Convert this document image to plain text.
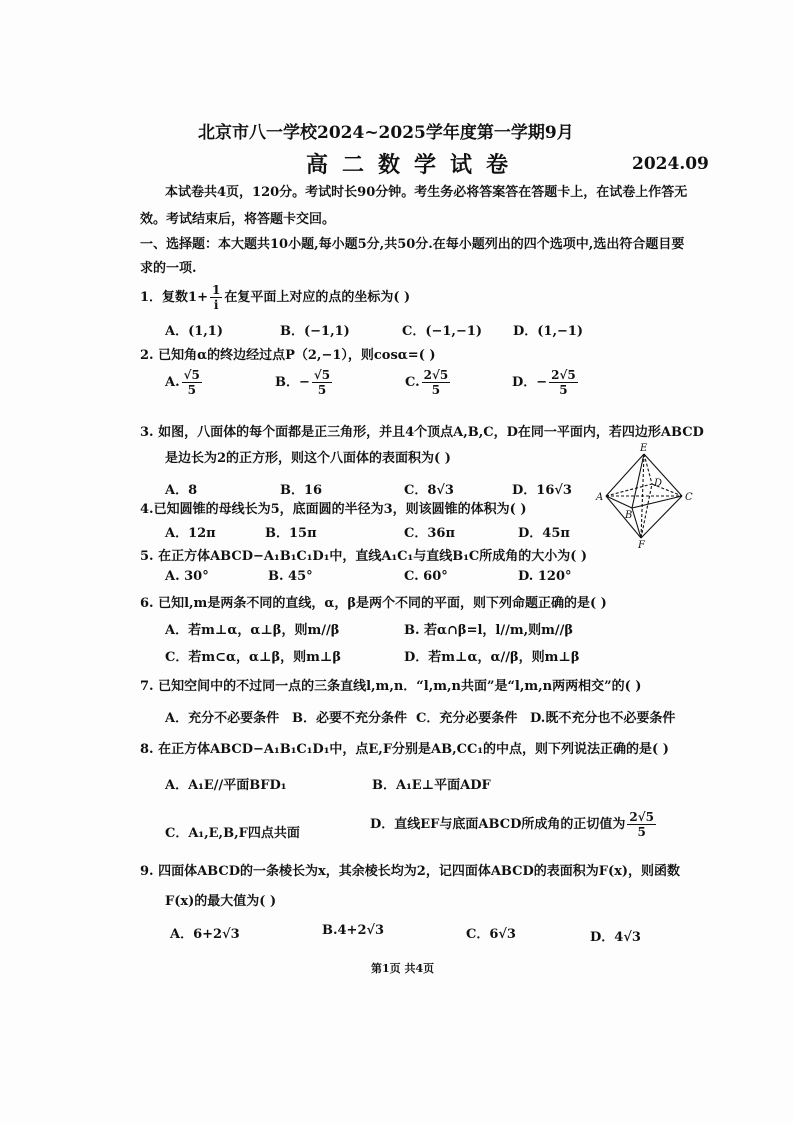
北京市八一学校2024~2025学年度第一学期9月
高二数学试卷	2024.09
本试卷共4页，120分。考试时长90分钟。考生务必将答案答在答题卡上，在试卷上作答无
效。考试结束后，将答题卡交回。
一、选择题：本大题共10小题,每小题5分,共50分.在每小题列出的四个选项中,选出符合题目要
求的一项.
1．复数$1+ \frac{1}{i}$ 在复平面上对应的点的坐标为( )
A．(1,1)	B．(−1,1)	C．(−1,−1) D．(1,−1)
2. 已知角α的终边经过点P（2,−1），则cosα=( )
A. $\frac{√5}{5}$	B．− $\frac{√5}{5}$	C. $\frac{2√5}{5}$	D．− $\frac{2√5}{5}$
3. 如图，八面体的每个面都是正三角形，并且4个顶点A,B,C，D在同一平面内，若四边形ABCD
是边长为2的正方形，则这个八面体的表面积为( )
A．8	B．16	C．8√3	D．16√3
E
A	C
D
B
F
4.已知圆锥的母线长为5，底面圆的半径为3，则该圆锥的体积为( )
A．12π	B．15π	C．36π	D．45π
5. 在正方体ABCD−A₁B₁C₁D₁中，直线A₁C₁与直线B₁C所成角的大小为( )
A. 30°	B. 45°	C. 60°	D. 120°
6. 已知l,m是两条不同的直线，α，β是两个不同的平面，则下列命题正确的是( )
A．若m⊥α，α⊥β，则m//β	B. 若α∩β=l，l//m,则m//β
C．若m⊂α，α⊥β，则m⊥β	D．若m⊥α，α//β，则m⊥β
7. 已知空间中的不过同一点的三条直线l,m,n．“l,m,n共面”是“l,m,n两两相交”的( )
A．充分不必要条件 B．必要不充分条件 C．充分必要条件 D.既不充分也不必要条件
8. 在正方体ABCD−A₁B₁C₁D₁中，点E,F分别是AB,CC₁的中点，则下列说法正确的是( )
A．A₁E//平面BFD₁	B．A₁E⊥平面ADF
C．A₁,E,B,F四点共面
D．直线EF与底面ABCD所成角的正切值为 $\frac{2√5}{5}$
9. 四面体ABCD的一条棱长为x，其余棱长均为2，记四面体ABCD的表面积为F(x)，则函数
F(x)的最大值为( )
A．6+2√3	B.4+2√3	C．6√3	D．4√3
第1页 共4页
